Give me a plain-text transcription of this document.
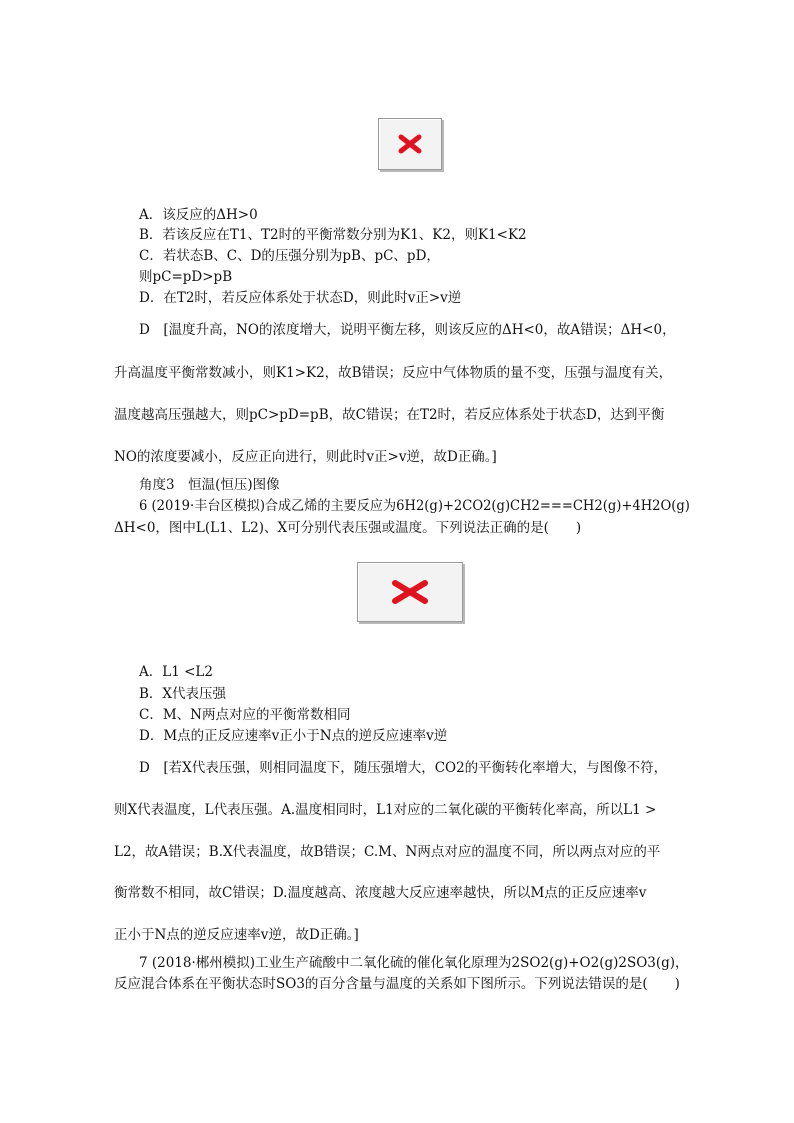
A．该反应的ΔH>0
B．若该反应在T1、T2时的平衡常数分别为K1、K2，则K1<K2
C．若状态B、C、D的压强分别为pB、pC、pD，
则pC=pD>pB
D．在T2时，若反应体系处于状态D，则此时v正>v逆
D　[温度升高，NO的浓度增大，说明平衡左移，则该反应的ΔH<0，故A错误；ΔH<0，
升高温度平衡常数减小，则K1>K2，故B错误；反应中气体物质的量不变，压强与温度有关，
温度越高压强越大，则pC>pD=pB，故C错误；在T2时，若反应体系处于状态D，达到平衡
NO的浓度要减小，反应正向进行，则此时v正>v逆，故D正确。]
角度3　恒温(恒压)图像
6 (2019·丰台区模拟)合成乙烯的主要反应为6H2(g)+2CO2(g)CH2===CH2(g)+4H2O(g)
ΔH<0，图中L(L1、L2)、X可分别代表压强或温度。下列说法正确的是(　　)
A．L1 <L2
B．X代表压强
C．M、N两点对应的平衡常数相同
D．M点的正反应速率v正小于N点的逆反应速率v逆
D　[若X代表压强，则相同温度下，随压强增大，CO2的平衡转化率增大，与图像不符，
则X代表温度，L代表压强。A.温度相同时，L1对应的二氧化碳的平衡转化率高，所以L1 >
L2，故A错误；B.X代表温度，故B错误；C.M、N两点对应的温度不同，所以两点对应的平
衡常数不相同，故C错误；D.温度越高、浓度越大反应速率越快，所以M点的正反应速率v
正小于N点的逆反应速率v逆，故D正确。]
7 (2018·郴州模拟)工业生产硫酸中二氧化硫的催化氧化原理为2SO2(g)+O2(g)2SO3(g)，
反应混合体系在平衡状态时SO3的百分含量与温度的关系如下图所示。下列说法错误的是(　　)
